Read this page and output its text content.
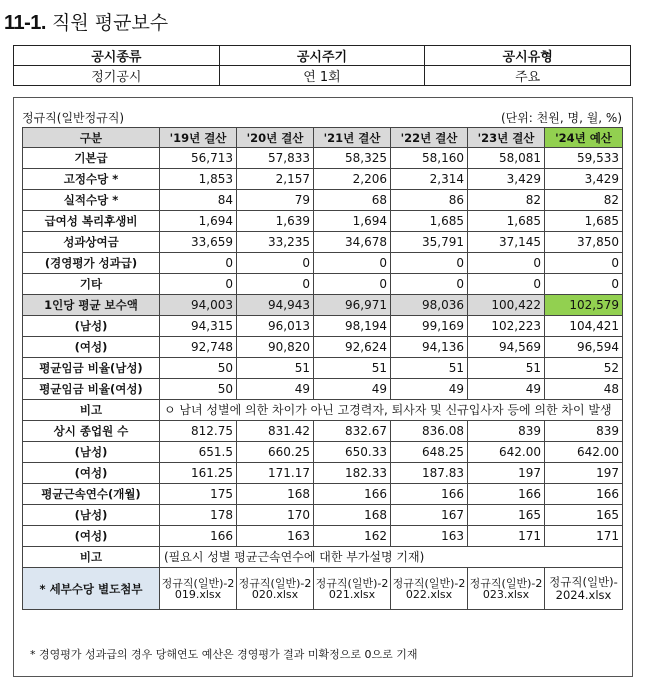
11-1. 직원 평균보수
공시종류	공시주기	공시유형
정기공시	연 1회	주요
정규직(일반정규직)	(단위: 천원, 명, 월, %)
구분	'19년 결산	'20년 결산	'21년 결산	'22년 결산	'23년 결산	'24년 예산
기본급	56,713	57,833	58,325	58,160	58,081	59,533
고정수당 *	1,853	2,157	2,206	2,314	3,429	3,429
실적수당 *	84	79	68	86	82	82
급여성 복리후생비	1,694	1,639	1,694	1,685	1,685	1,685
성과상여금	33,659	33,235	34,678	35,791	37,145	37,850
(경영평가 성과급)	0	0	0	0	0	0
기타	0	0	0	0	0	0
1인당 평균 보수액	94,003	94,943	96,971	98,036	100,422	102,579
(남성)	94,315	96,013	98,194	99,169	102,223	104,421
(여성)	92,748	90,820	92,624	94,136	94,569	96,594
평균임금 비율(남성)	50	51	51	51	51	52
평균임금 비율(여성)	50	49	49	49	49	48
비고	ㅇ 남녀 성별에 의한 차이가 아닌 고경력자, 퇴사자 및 신규입사자 등에 의한 차이 발생					
상시 종업원 수	812.75	831.42	832.67	836.08	839	839
(남성)	651.5	660.25	650.33	648.25	642.00	642.00
(여성)	161.25	171.17	182.33	187.83	197	197
평균근속연수(개월)	175	168	166	166	166	166
(남성)	178	170	168	167	165	165
(여성)	166	163	162	163	171	171
비고	(필요시 성별 평균근속연수에 대한 부가설명 기재)					
* 세부수당 별도첨부	정규직(일반)-2019.xlsx	정규직(일반)-2020.xlsx	정규직(일반)-2021.xlsx	정규직(일반)-2022.xlsx	정규직(일반)-2023.xlsx	정규직(일반)-2024.xlsx
* 경영평가 성과급의 경우 당해연도 예산은 경영평가 결과 미확정으로 0으로 기재
